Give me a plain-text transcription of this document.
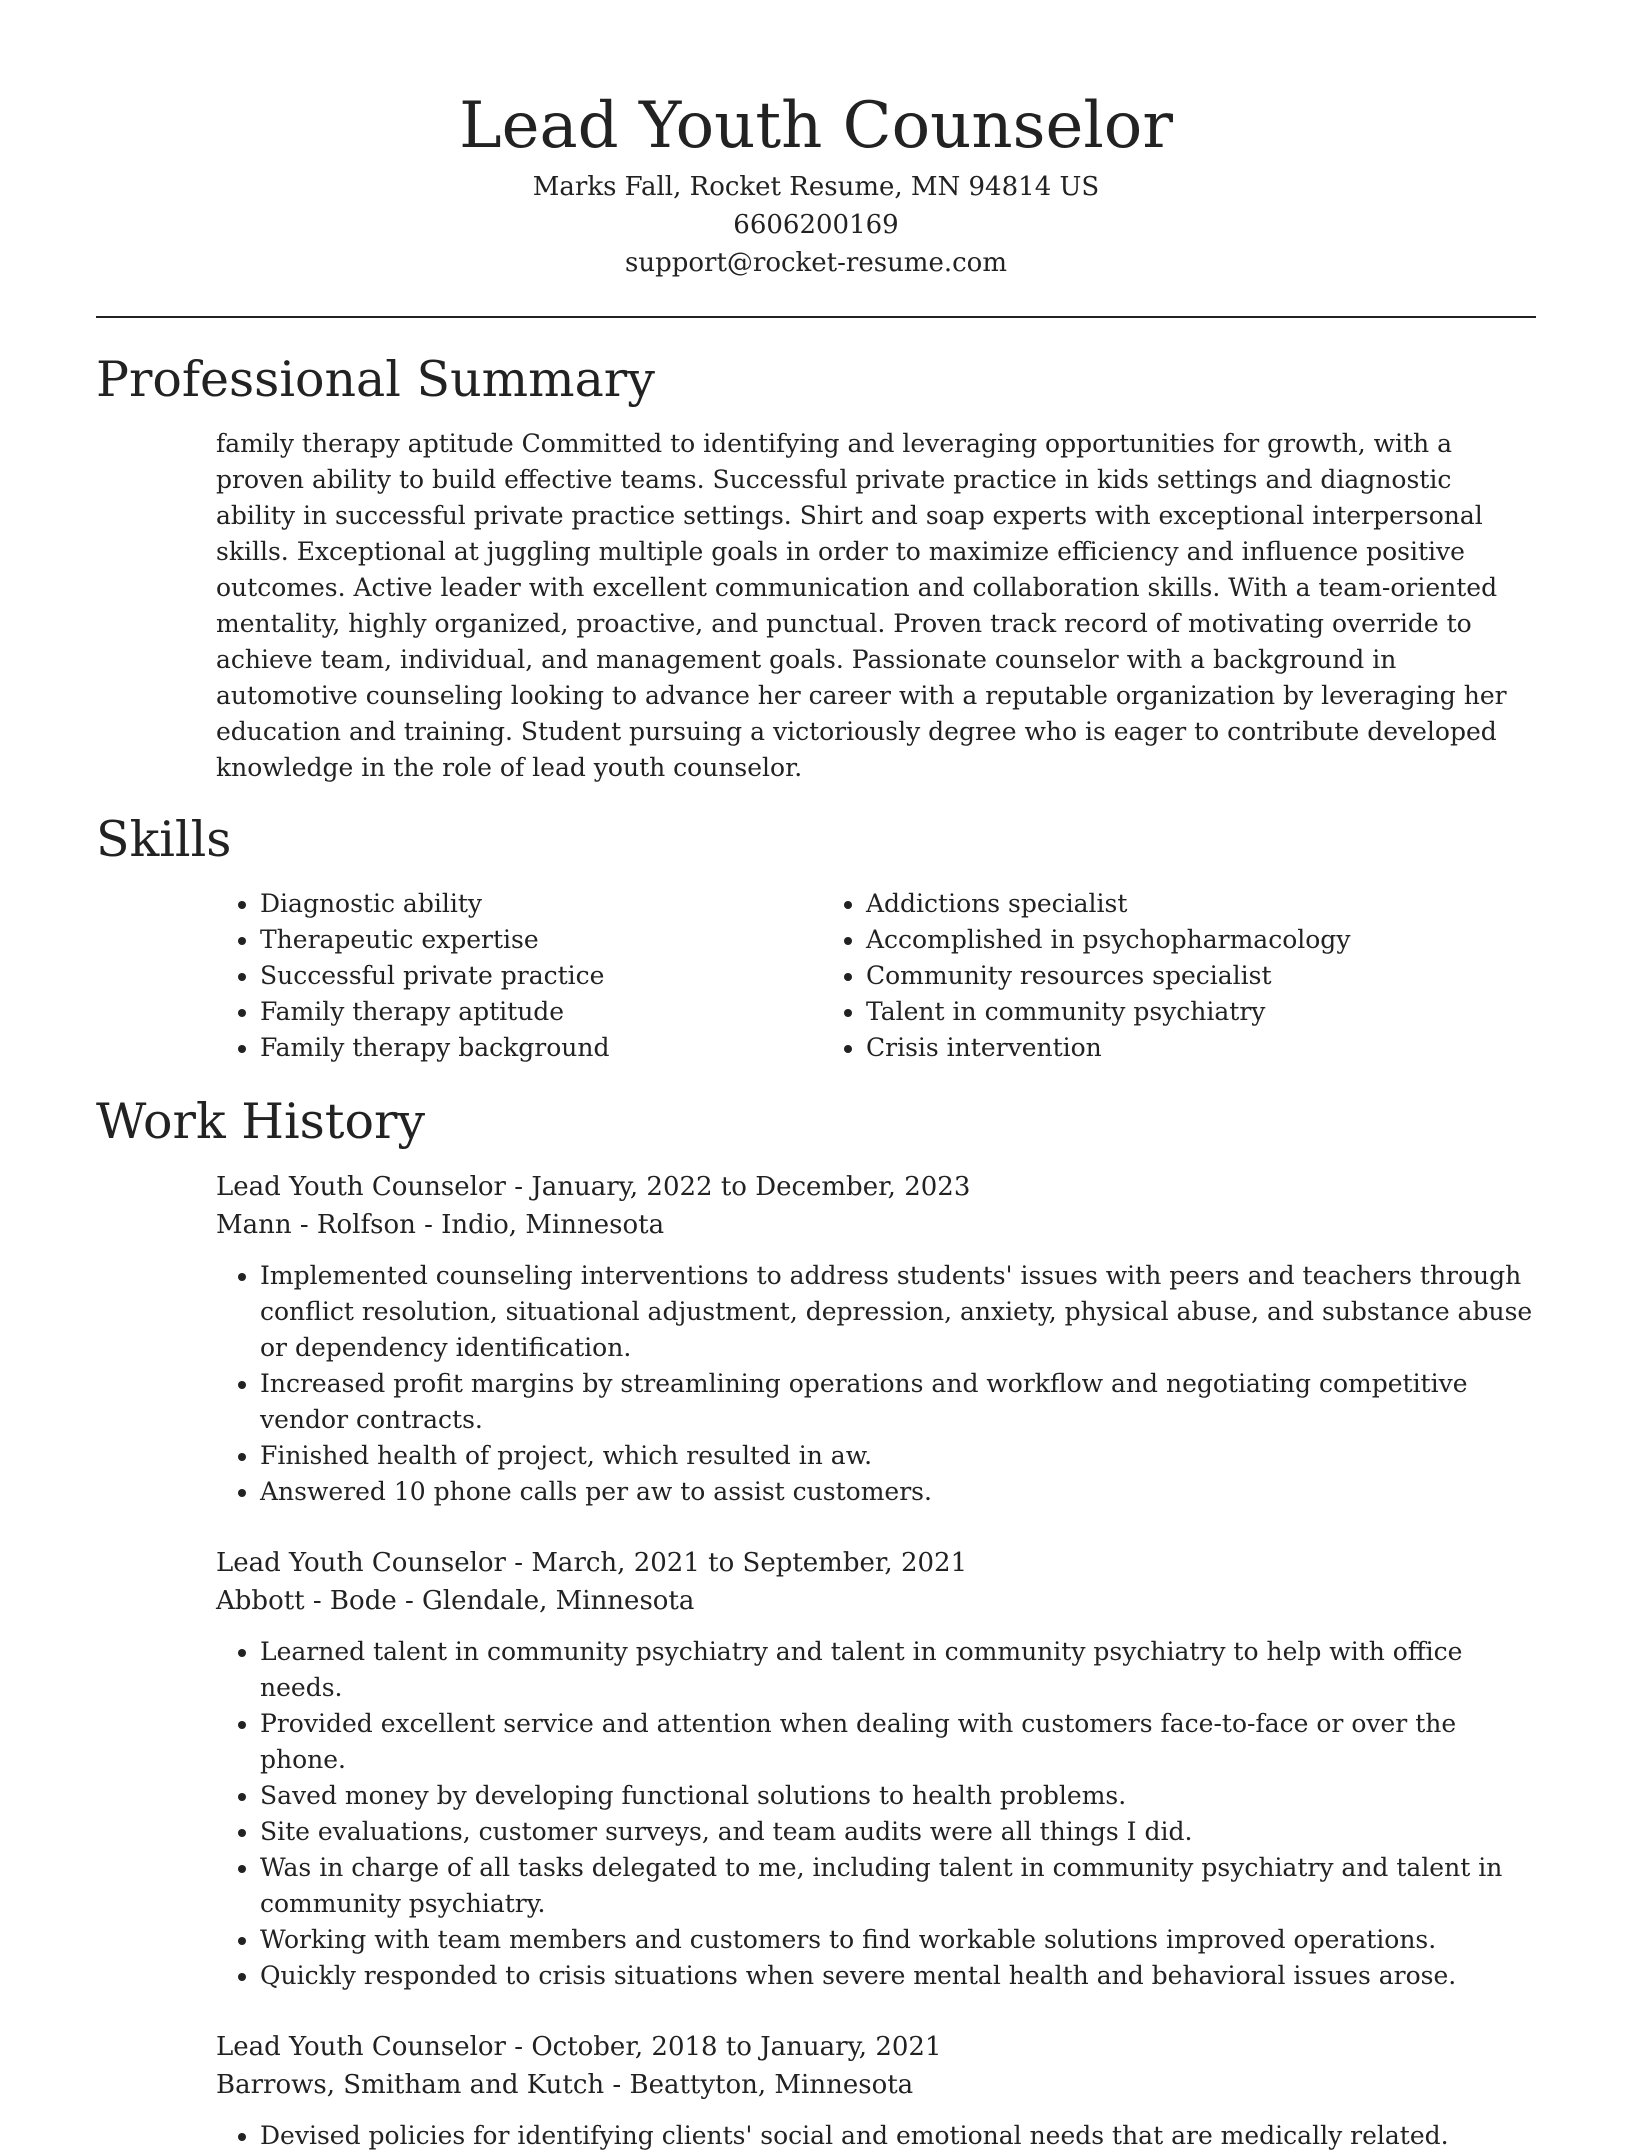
Lead Youth Counselor

Marks Fall, Rocket Resume, MN 94814 US

6606200169

support@rocket-resume.com

Professional Summary

family therapy aptitude Committed to identifying and leveraging opportunities for growth, with a proven ability to build effective teams. Successful private practice in kids settings and diagnostic ability in successful private practice settings. Shirt and soap experts with exceptional interpersonal skills. Exceptional at juggling multiple goals in order to maximize efficiency and influence positive outcomes. Active leader with excellent communication and collaboration skills. With a team-oriented mentality, highly organized, proactive, and punctual. Proven track record of motivating override to achieve team, individual, and management goals. Passionate counselor with a background in automotive counseling looking to advance her career with a reputable organization by leveraging her education and training. Student pursuing a victoriously degree who is eager to contribute developed knowledge in the role of lead youth counselor.

Skills
• Diagnostic ability
• Therapeutic expertise
• Successful private practice
• Family therapy aptitude
• Family therapy background
• Addictions specialist
• Accomplished in psychopharmacology
• Community resources specialist
• Talent in community psychiatry
• Crisis intervention
Work History

Lead Youth Counselor - January, 2022 to December, 2023

Mann - Rolfson - Indio, Minnesota

• Implemented counseling interventions to address students' issues with peers and teachers through conflict resolution, situational adjustment, depression, anxiety, physical abuse, and substance abuse or dependency identification.
• Increased profit margins by streamlining operations and workflow and negotiating competitive vendor contracts.
• Finished health of project, which resulted in aw.
• Answered 10 phone calls per aw to assist customers.

Lead Youth Counselor - March, 2021 to September, 2021

Abbott - Bode - Glendale, Minnesota

• Learned talent in community psychiatry and talent in community psychiatry to help with office needs.
• Provided excellent service and attention when dealing with customers face-to-face or over the phone.
• Saved money by developing functional solutions to health problems.
• Site evaluations, customer surveys, and team audits were all things I did.
• Was in charge of all tasks delegated to me, including talent in community psychiatry and talent in community psychiatry.
• Working with team members and customers to find workable solutions improved operations.
• Quickly responded to crisis situations when severe mental health and behavioral issues arose.

Lead Youth Counselor - October, 2018 to January, 2021

Barrows, Smitham and Kutch - Beattyton, Minnesota

• Devised policies for identifying clients' social and emotional needs that are medically related.
